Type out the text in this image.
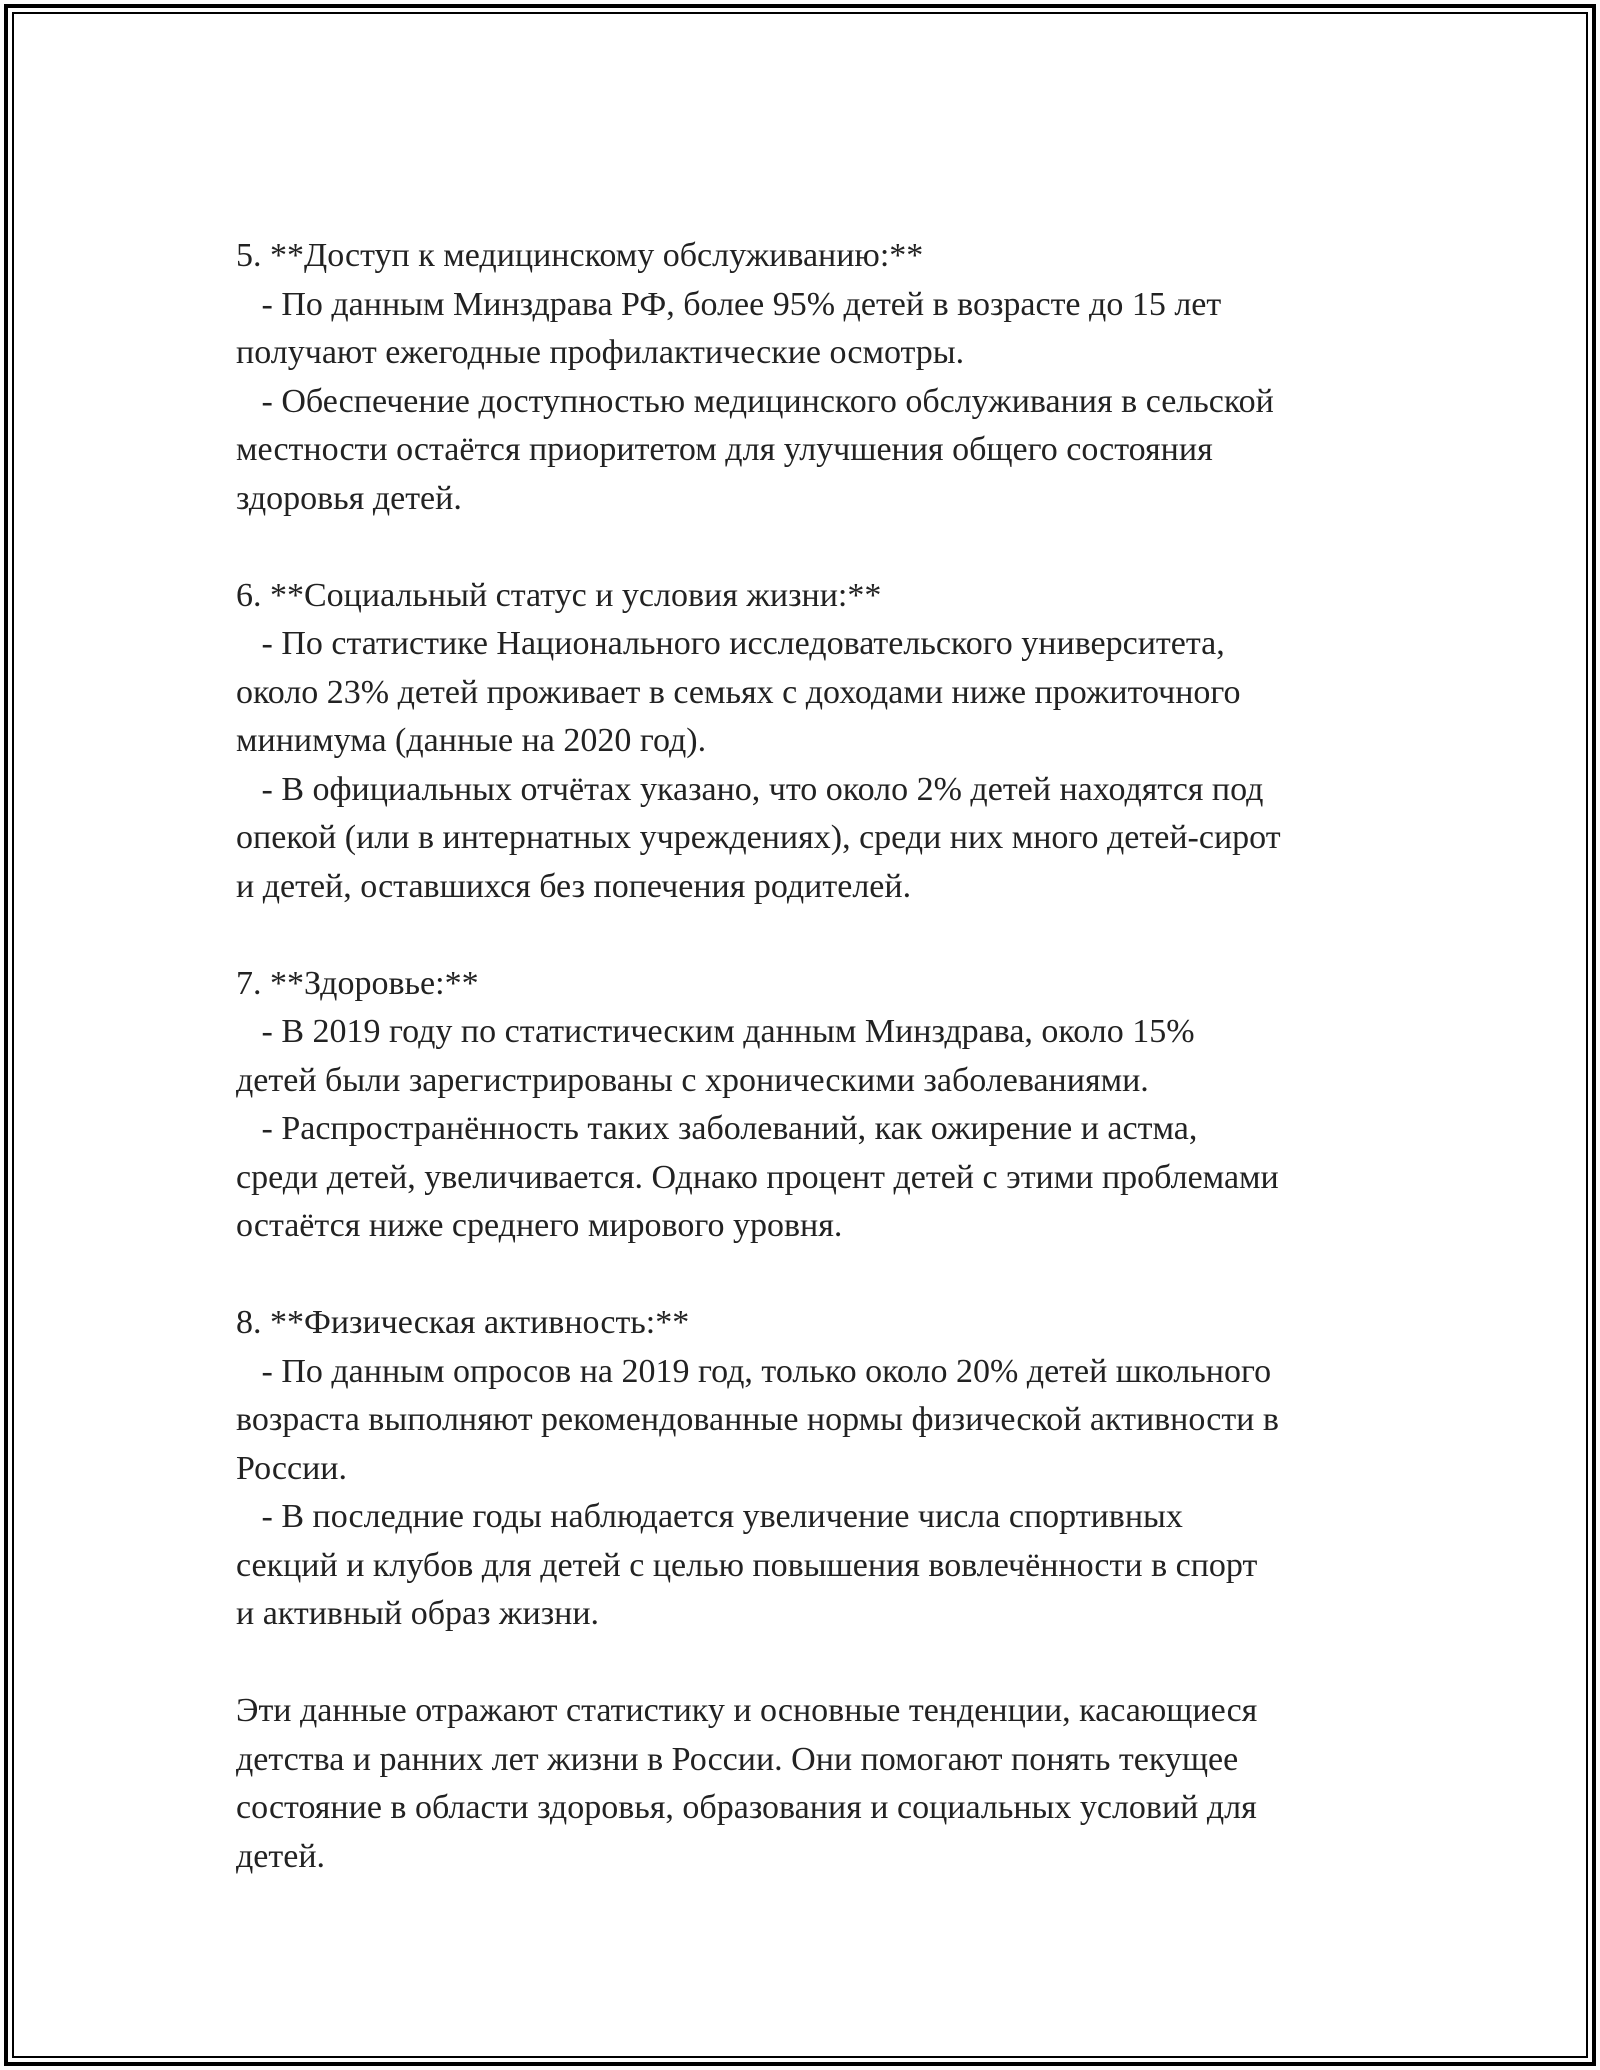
5. **Доступ к медицинскому обслуживанию:**
- По данным Минздрава РФ, более 95% детей в возрасте до 15 лет
получают ежегодные профилактические осмотры.
- Обеспечение доступностью медицинского обслуживания в сельской
местности остаётся приоритетом для улучшения общего состояния
здоровья детей.
6. **Социальный статус и условия жизни:**
- По статистике Национального исследовательского университета,
около 23% детей проживает в семьях с доходами ниже прожиточного
минимума (данные на 2020 год).
- В официальных отчётах указано, что около 2% детей находятся под
опекой (или в интернатных учреждениях), среди них много детей-сирот
и детей, оставшихся без попечения родителей.
7. **Здоровье:**
- В 2019 году по статистическим данным Минздрава, около 15%
детей были зарегистрированы с хроническими заболеваниями.
- Распространённость таких заболеваний, как ожирение и астма,
среди детей, увеличивается. Однако процент детей с этими проблемами
остаётся ниже среднего мирового уровня.
8. **Физическая активность:**
- По данным опросов на 2019 год, только около 20% детей школьного
возраста выполняют рекомендованные нормы физической активности в
России.
- В последние годы наблюдается увеличение числа спортивных
секций и клубов для детей с целью повышения вовлечённости в спорт
и активный образ жизни.
Эти данные отражают статистику и основные тенденции, касающиеся
детства и ранних лет жизни в России. Они помогают понять текущее
состояние в области здоровья, образования и социальных условий для
детей.
